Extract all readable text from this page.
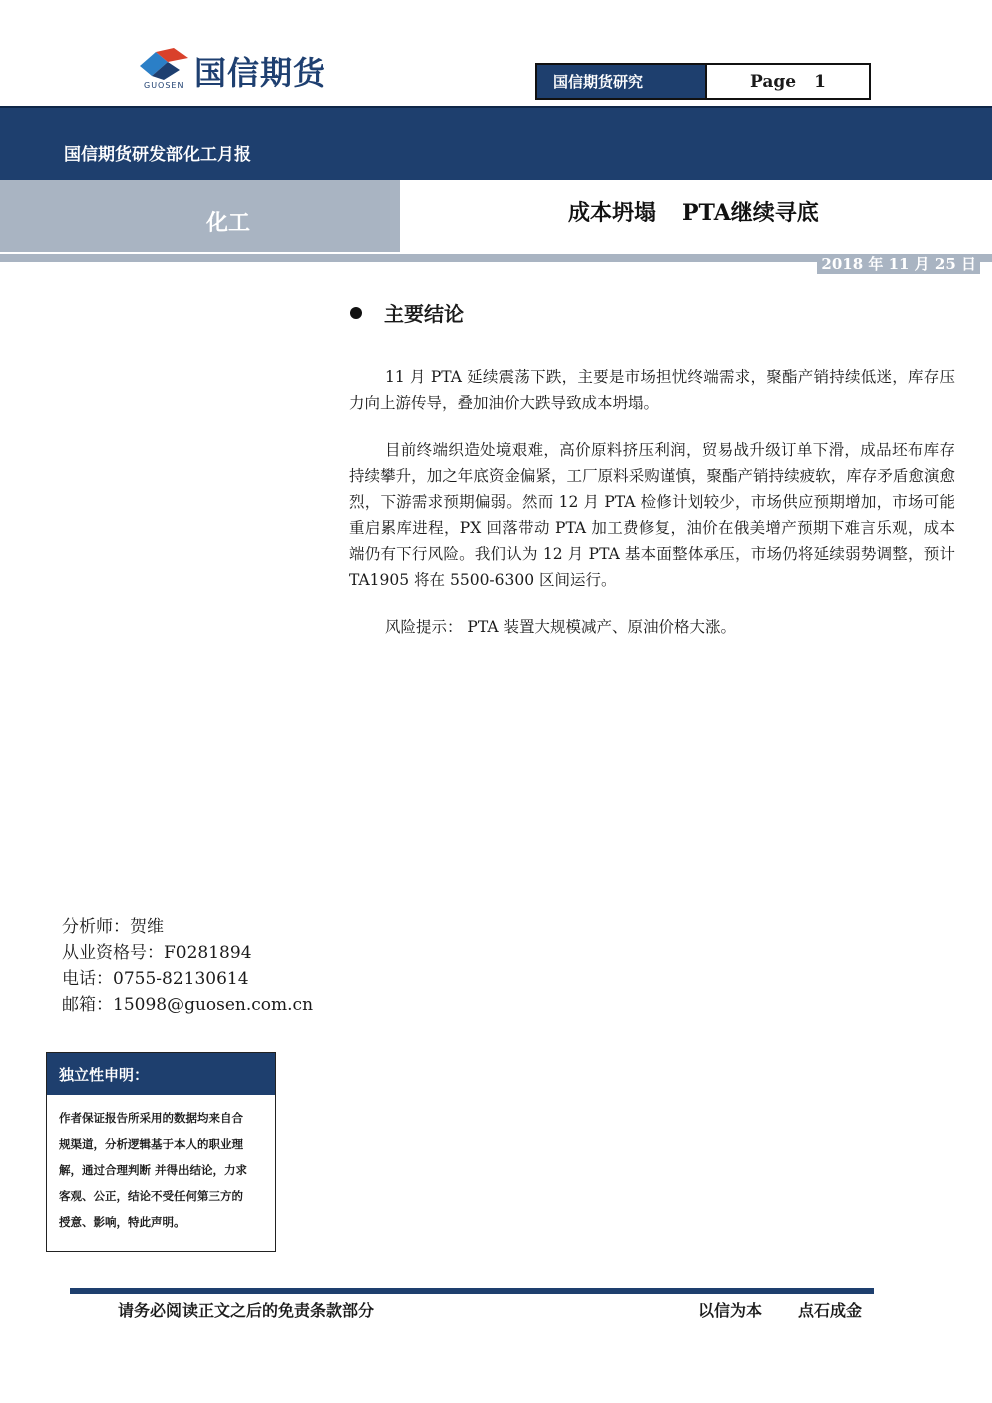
国信期货
GUOSEN	国信期货研究	Page 1
国信期货研发部化工月报
化工	成本坍塌 PTA继续寻底
2018 年 11 月 25 日
主要结论

11 月 PTA 延续震荡下跌，主要是市场担忧终端需求，聚酯产销持续低迷，库存压力向上游传导，叠加油价大跌导致成本坍塌。

目前终端织造处境艰难，高价原料挤压利润，贸易战升级订单下滑，成品坯布库存持续攀升，加之年底资金偏紧，工厂原料采购谨慎，聚酯产销持续疲软，库存矛盾愈演愈烈，下游需求预期偏弱。然而 12 月 PTA 检修计划较少，市场供应预期增加，市场可能重启累库进程，PX 回落带动 PTA 加工费修复，油价在俄美增产预期下难言乐观，成本端仍有下行风险。我们认为 12 月 PTA 基本面整体承压，市场仍将延续弱势调整，预计 TA1905 将在 5500-6300 区间运行。

风险提示： PTA 装置大规模减产、原油价格大涨。

分析师：贺维
从业资格号：F0281894
电话：0755-82130614
邮箱：15098@guosen.com.cn
独立性申明：
作者保证报告所采用的数据均来自合
规渠道，分析逻辑基于本人的职业理
解，通过合理判断 并得出结论，力求
客观、公正，结论不受任何第三方的
授意、影响，特此声明。
请务必阅读正文之后的免责条款部分	以信为本 点石成金
